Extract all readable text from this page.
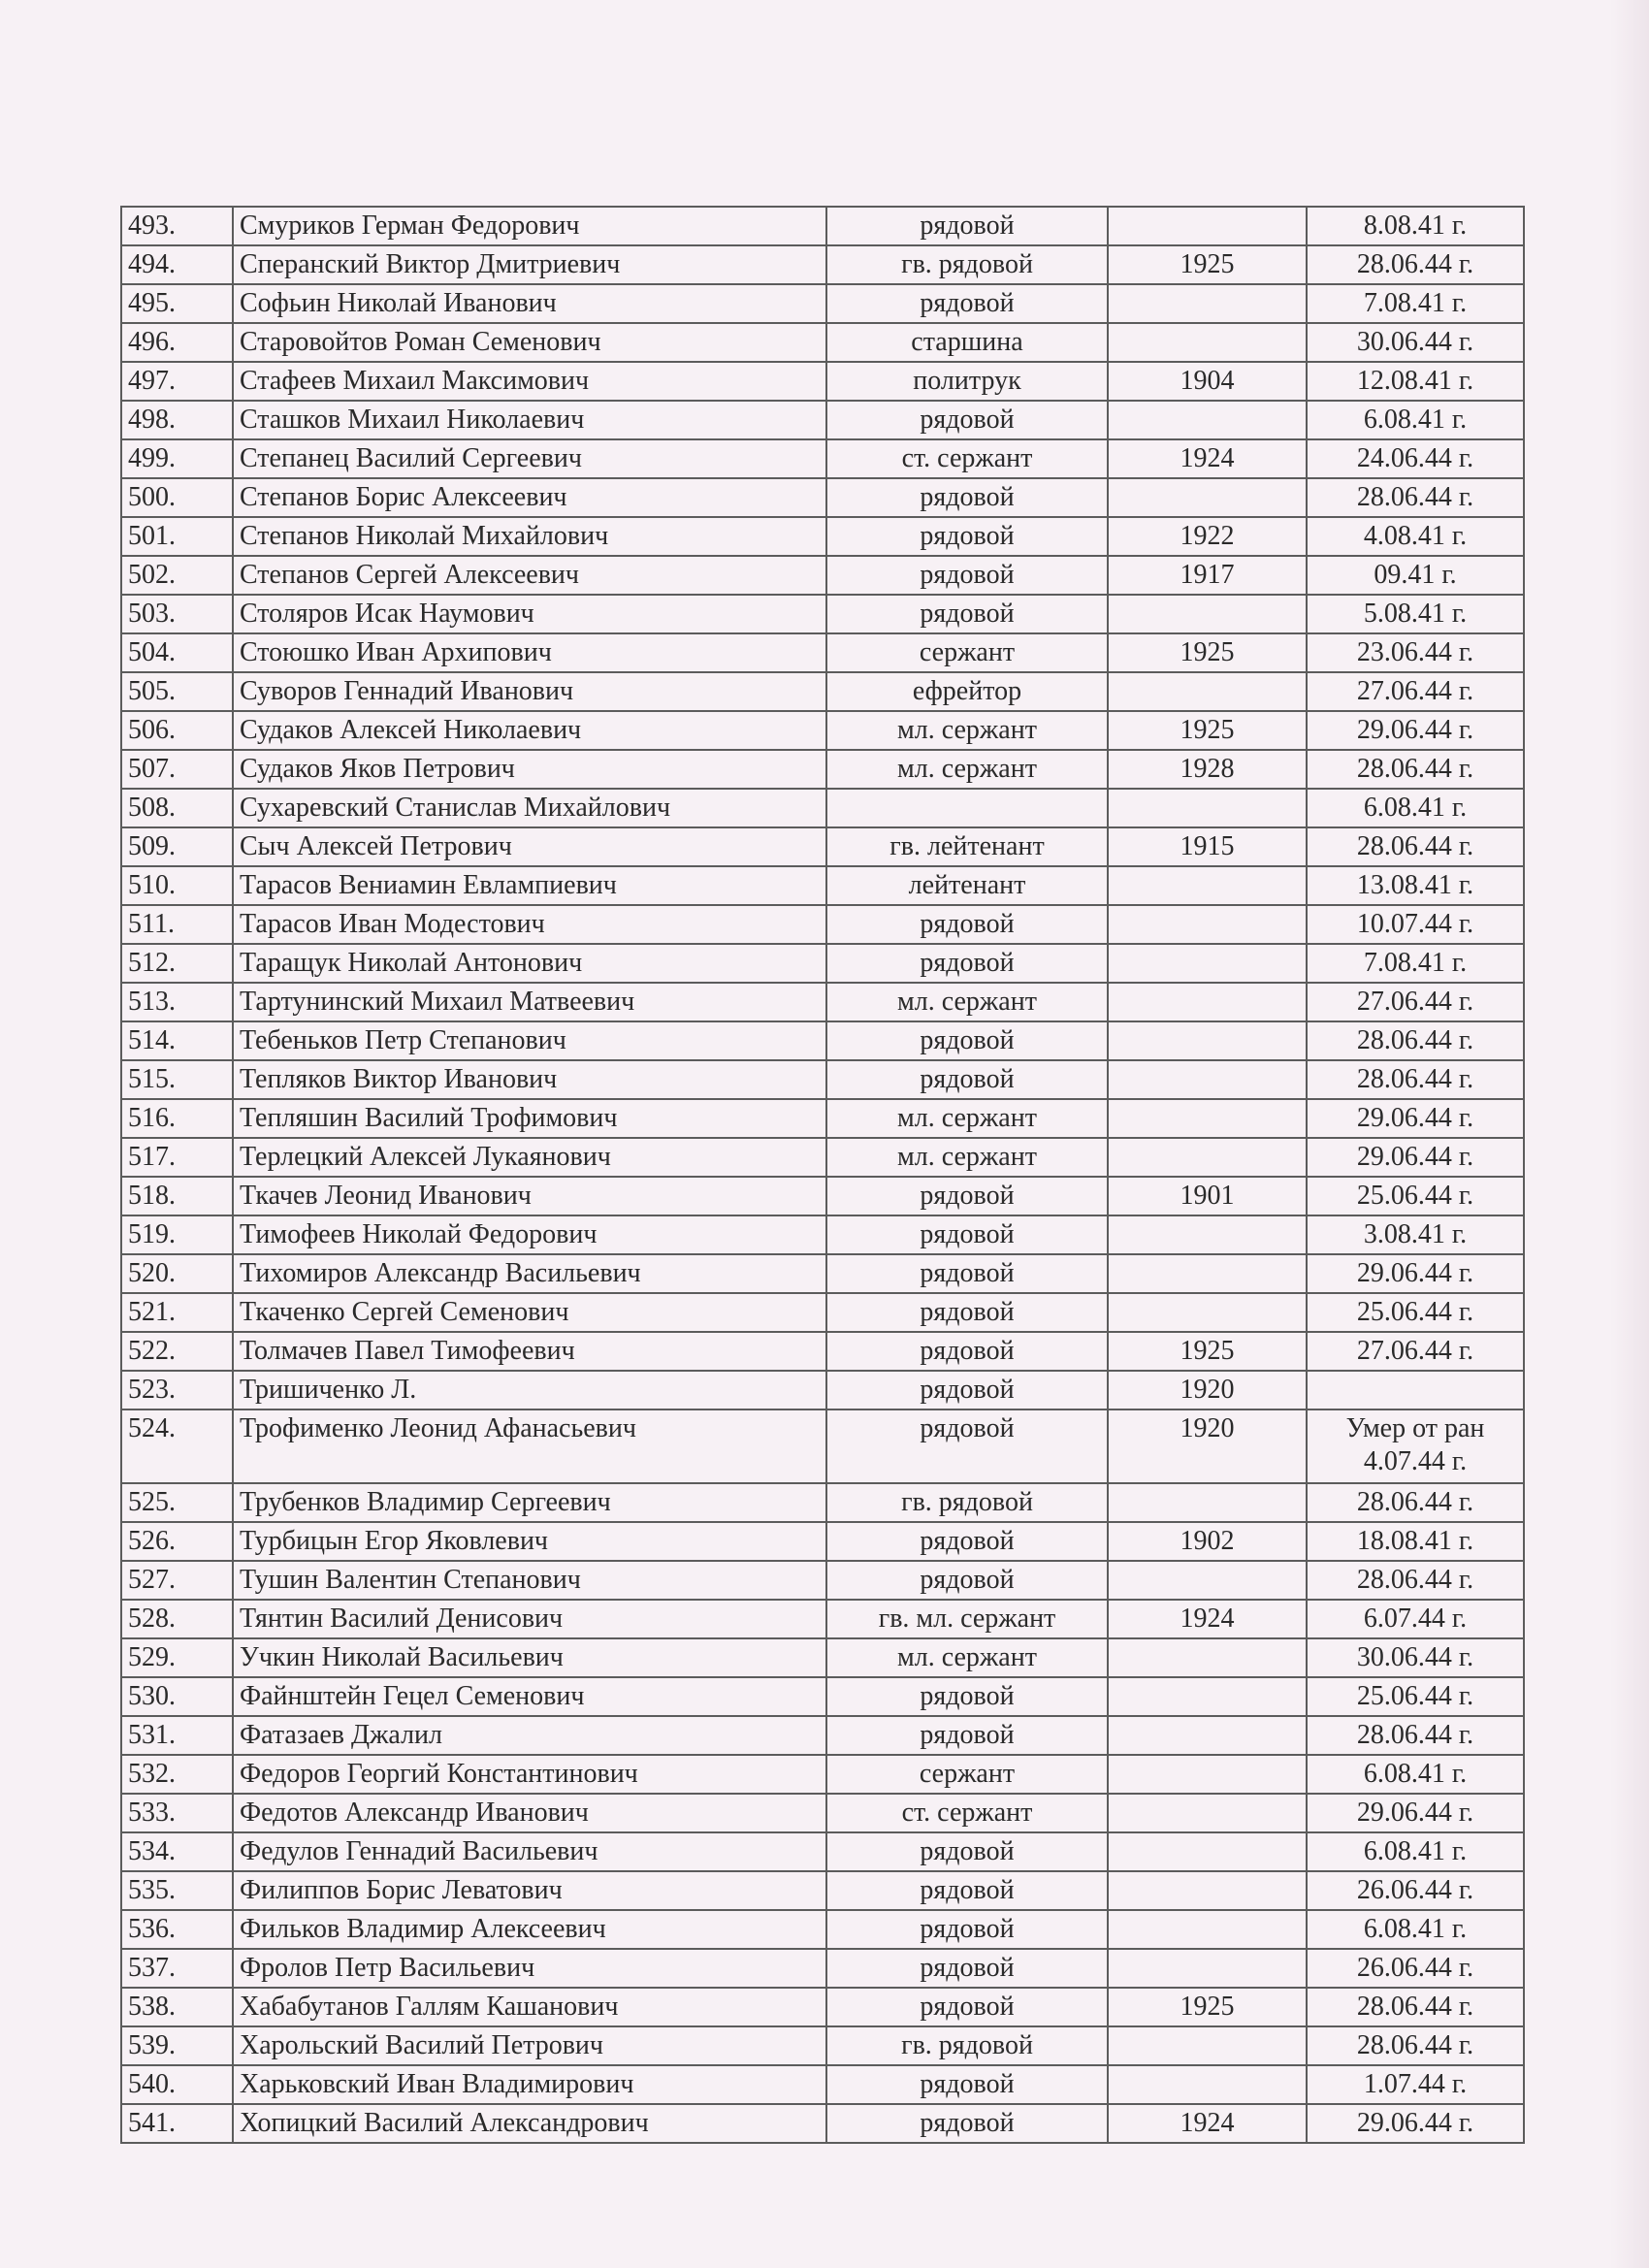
493.	Смуриков Герман Федорович	рядовой		8.08.41 г.
494.	Сперанский Виктор Дмитриевич	гв. рядовой	1925	28.06.44 г.
495.	Софьин Николай Иванович	рядовой		7.08.41 г.
496.	Старовойтов Роман Семенович	старшина		30.06.44 г.
497.	Стафеев Михаил Максимович	политрук	1904	12.08.41 г.
498.	Сташков Михаил Николаевич	рядовой		6.08.41 г.
499.	Степанец Василий Сергеевич	ст. сержант	1924	24.06.44 г.
500.	Степанов Борис Алексеевич	рядовой		28.06.44 г.
501.	Степанов Николай Михайлович	рядовой	1922	4.08.41 г.
502.	Степанов Сергей Алексеевич	рядовой	1917	09.41 г.
503.	Столяров Исак Наумович	рядовой		5.08.41 г.
504.	Стоюшко Иван Архипович	сержант	1925	23.06.44 г.
505.	Суворов Геннадий Иванович	ефрейтор		27.06.44 г.
506.	Судаков Алексей Николаевич	мл. сержант	1925	29.06.44 г.
507.	Судаков Яков Петрович	мл. сержант	1928	28.06.44 г.
508.	Сухаревский Станислав Михайлович			6.08.41 г.
509.	Сыч Алексей Петрович	гв. лейтенант	1915	28.06.44 г.
510.	Тарасов Вениамин Евлампиевич	лейтенант		13.08.41 г.
511.	Тарасов Иван Модестович	рядовой		10.07.44 г.
512.	Таращук Николай Антонович	рядовой		7.08.41 г.
513.	Тартунинский Михаил Матвеевич	мл. сержант		27.06.44 г.
514.	Тебеньков Петр Степанович	рядовой		28.06.44 г.
515.	Тепляков Виктор Иванович	рядовой		28.06.44 г.
516.	Тепляшин Василий Трофимович	мл. сержант		29.06.44 г.
517.	Терлецкий Алексей Лукаянович	мл. сержант		29.06.44 г.
518.	Ткачев Леонид Иванович	рядовой	1901	25.06.44 г.
519.	Тимофеев Николай Федорович	рядовой		3.08.41 г.
520.	Тихомиров Александр Васильевич	рядовой		29.06.44 г.
521.	Ткаченко Сергей Семенович	рядовой		25.06.44 г.
522.	Толмачев Павел Тимофеевич	рядовой	1925	27.06.44 г.
523.	Тришиченко Л.	рядовой	1920	
524.	Трофименко Леонид Афанасьевич	рядовой	1920	Умер от ран
4.07.44 г.

525.	Трубенков Владимир Сергеевич	гв. рядовой		28.06.44 г.
526.	Турбицын Егор Яковлевич	рядовой	1902	18.08.41 г.
527.	Тушин Валентин Степанович	рядовой		28.06.44 г.
528.	Тянтин Василий Денисович	гв. мл. сержант	1924	6.07.44 г.
529.	Учкин Николай Васильевич	мл. сержант		30.06.44 г.
530.	Файнштейн Гецел Семенович	рядовой		25.06.44 г.
531.	Фатазаев Джалил	рядовой		28.06.44 г.
532.	Федоров Георгий Константинович	сержант		6.08.41 г.
533.	Федотов Александр Иванович	ст. сержант		29.06.44 г.
534.	Федулов Геннадий Васильевич	рядовой		6.08.41 г.
535.	Филиппов Борис Леватович	рядовой		26.06.44 г.
536.	Фильков Владимир Алексеевич	рядовой		6.08.41 г.
537.	Фролов Петр Васильевич	рядовой		26.06.44 г.
538.	Хабабутанов Галлям Кашанович	рядовой	1925	28.06.44 г.
539.	Харольский Василий Петрович	гв. рядовой		28.06.44 г.
540.	Харьковский Иван Владимирович	рядовой		1.07.44 г.
541.	Хопицкий Василий Александрович	рядовой	1924	29.06.44 г.
